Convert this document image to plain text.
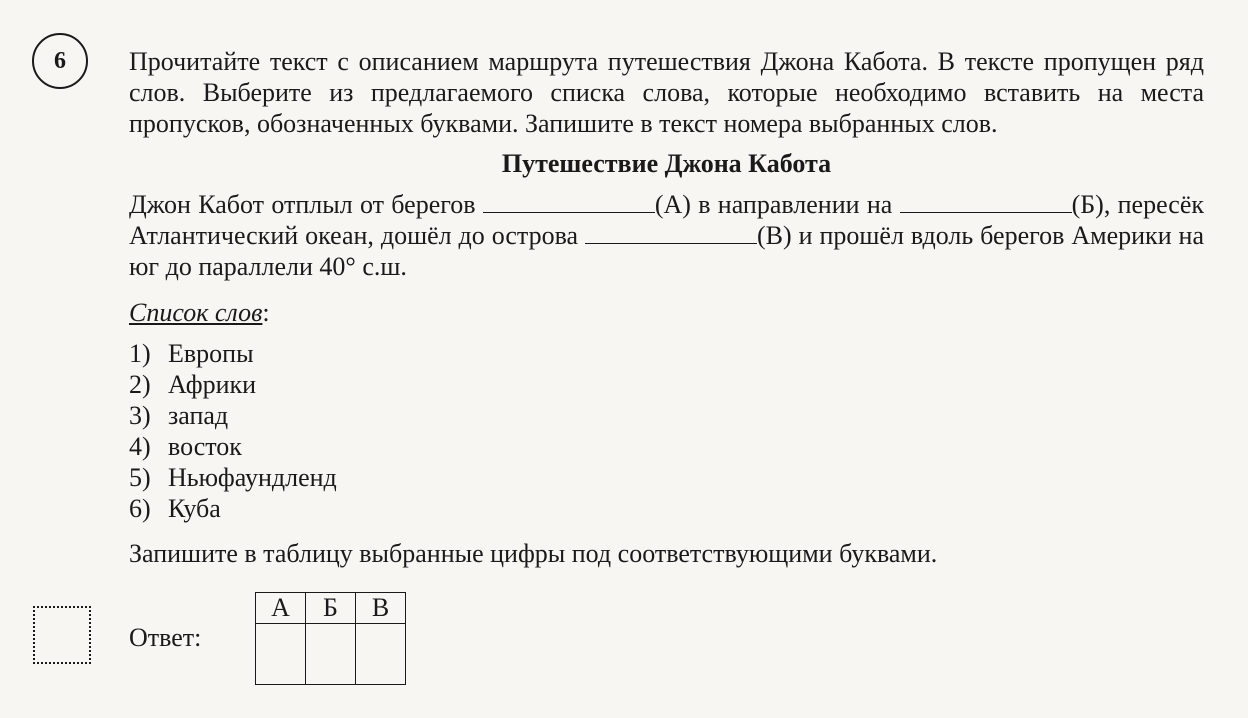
6	Прочитайте текст с описанием маршрута путешествия Джона Кабота. В тексте пропущен ряд слов. Выберите из предлагаемого списка слова, которые необходимо вставить на места пропусков, обозначенных буквами. Запишите в текст номера выбранных слов.

Путешествие Джона Кабота

Джон Кабот отплыл от берегов	(А) в направлении на	(Б), пересёк Атлантический океан, дошёл до острова	(В) и прошёл вдоль берегов Америки на юг до параллели 40° с.ш.

Список слов:
1) Европы
2) Африки
3) запад
4) восток
5) Ньюфаундленд
6) Куба
Запишите в таблицу выбранные цифры под соответствующими буквами.
Ответ:
А	Б	В
